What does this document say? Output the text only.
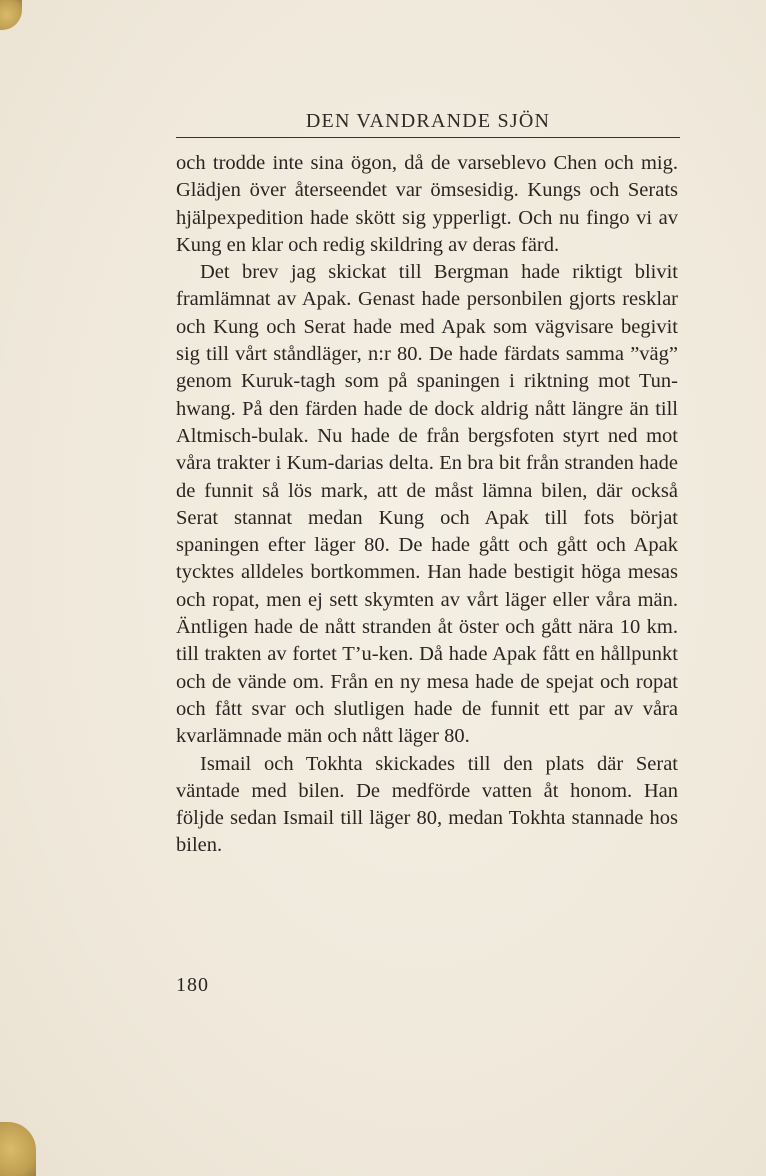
DEN VANDRANDE SJÖN

och trodde inte sina ögon, då de varseblevo Chen och mig. Glädjen över återseendet var ömsesidig. Kungs och Serats hjälpexpedition hade skött sig ypperligt. Och nu fingo vi av Kung en klar och redig skildring av deras färd.

Det brev jag skickat till Bergman hade riktigt blivit framlämnat av Apak. Genast hade personbilen gjorts resklar och Kung och Serat hade med Apak som vägvisare begivit sig till vårt ståndläger, n:r 80. De hade färdats samma ”väg” genom Kuruk-tagh som på spaningen i riktning mot Tun-hwang. På den färden hade de dock aldrig nått längre än till Altmisch-bulak. Nu hade de från bergsfoten styrt ned mot våra trakter i Kum-darias delta. En bra bit från stranden hade de funnit så lös mark, att de måst lämna bilen, där också Serat stannat medan Kung och Apak till fots börjat spaningen efter läger 80. De hade gått och gått och Apak tycktes alldeles bortkommen. Han hade bestigit höga mesas och ropat, men ej sett skymten av vårt läger eller våra män. Äntligen hade de nått stranden åt öster och gått nära 10 km. till trakten av fortet T’u-ken. Då hade Apak fått en hållpunkt och de vände om. Från en ny mesa hade de spejat och ropat och fått svar och slutligen hade de funnit ett par av våra kvarlämnade män och nått läger 80.

Ismail och Tokhta skickades till den plats där Serat väntade med bilen. De medförde vatten åt honom. Han följde sedan Ismail till läger 80, medan Tokhta stannade hos bilen.

180
